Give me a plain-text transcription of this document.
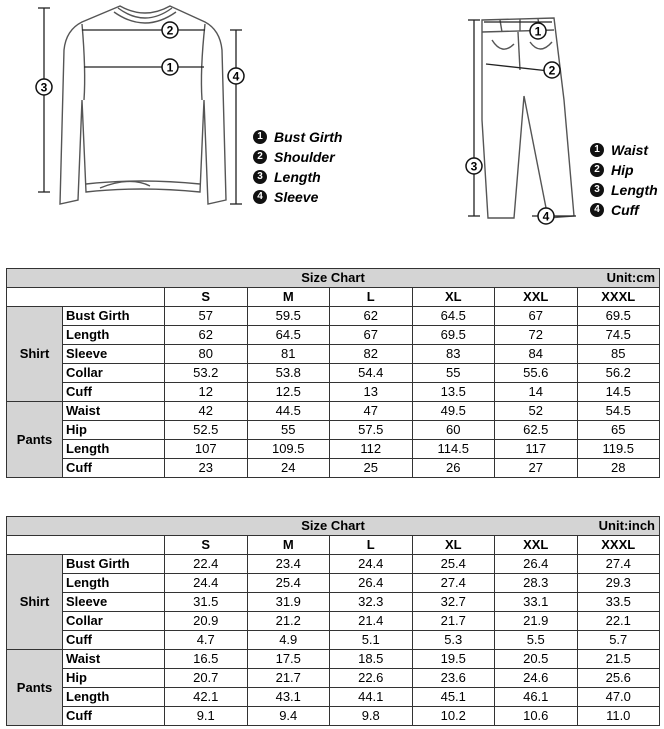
1
2
3
4
1 Bust Girth
2 Shoulder
3 Length
4 Sleeve
1
2
3
4
1 Waist
2 Hip
3 Length
4 Cuff
Size Chart Unit:cm							

		S	M	L	XL	XXL	XXXL
Shirt	Bust Girth	57	59.5	62	64.5	67	69.5
	Length	62	64.5	67	69.5	72	74.5
	Sleeve	80	81	82	83	84	85
	Collar	53.2	53.8	54.4	55	55.6	56.2
	Cuff	12	12.5	13	13.5	14	14.5
Pants	Waist	42	44.5	47	49.5	52	54.5
	Hip	52.5	55	57.5	60	62.5	65
	Length	107	109.5	112	114.5	117	119.5
	Cuff	23	24	25	26	27	28
Size Chart Unit:inch							

		S	M	L	XL	XXL	XXXL
Shirt	Bust Girth	22.4	23.4	24.4	25.4	26.4	27.4
	Length	24.4	25.4	26.4	27.4	28.3	29.3
	Sleeve	31.5	31.9	32.3	32.7	33.1	33.5
	Collar	20.9	21.2	21.4	21.7	21.9	22.1
	Cuff	4.7	4.9	5.1	5.3	5.5	5.7
Pants	Waist	16.5	17.5	18.5	19.5	20.5	21.5
	Hip	20.7	21.7	22.6	23.6	24.6	25.6
	Length	42.1	43.1	44.1	45.1	46.1	47.0
	Cuff	9.1	9.4	9.8	10.2	10.6	11.0
